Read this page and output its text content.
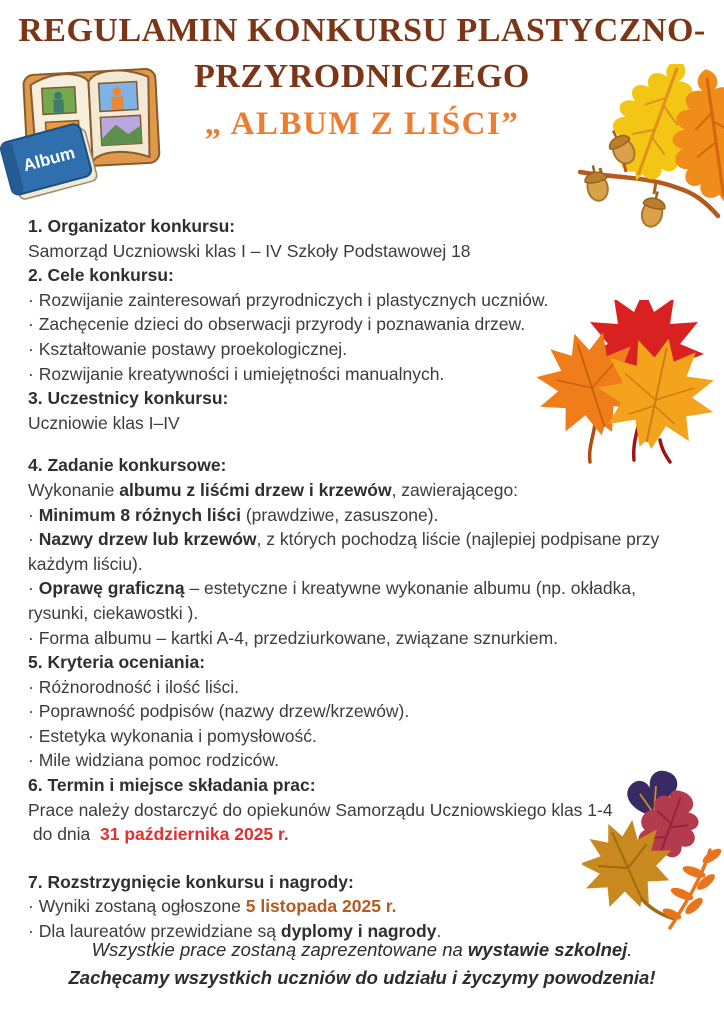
REGULAMIN KONKURSU PLASTYCZNO-
PRZYRODNICZEGO
„ ALBUM Z LIŚCI”
Album

1. Organizator konkursu:

Samorząd Uczniowski klas I – IV Szkoły Podstawowej 18

2. Cele konkursu:

· Rozwijanie zainteresowań przyrodniczych i plastycznych uczniów.

· Zachęcenie dzieci do obserwacji przyrody i poznawania drzew.

· Kształtowanie postawy proekologicznej.

· Rozwijanie kreatywności i umiejętności manualnych.

3. Uczestnicy konkursu:

Uczniowie klas I–IV

4. Zadanie konkursowe:

Wykonanie albumu z liśćmi drzew i krzewów, zawierającego:

· Minimum 8 różnych liści (prawdziwe, zasuszone).

· Nazwy drzew lub krzewów, z których pochodzą liście (najlepiej podpisane przy każdym liściu).

· Oprawę graficzną – estetyczne i kreatywne wykonanie albumu (np. okładka, rysunki, ciekawostki ).

· Forma albumu – kartki A-4, przedziurkowane, związane sznurkiem.

5. Kryteria oceniania:

· Różnorodność i ilość liści.

· Poprawność podpisów (nazwy drzew/krzewów).

· Estetyka wykonania i pomysłowość.

· Mile widziana pomoc rodziców.

6. Termin i miejsce składania prac:

Prace należy dostarczyć do opiekunów Samorządu Uczniowskiego klas 1-4

do dnia  31 października 2025 r.

7. Rozstrzygnięcie konkursu i nagrody:

· Wyniki zostaną ogłoszone 5 listopada 2025 r.

· Dla laureatów przewidziane są dyplomy i nagrody.

Wszystkie prace zostaną zaprezentowane na wystawie szkolnej.
Zachęcamy wszystkich uczniów do udziału i życzymy powodzenia!
